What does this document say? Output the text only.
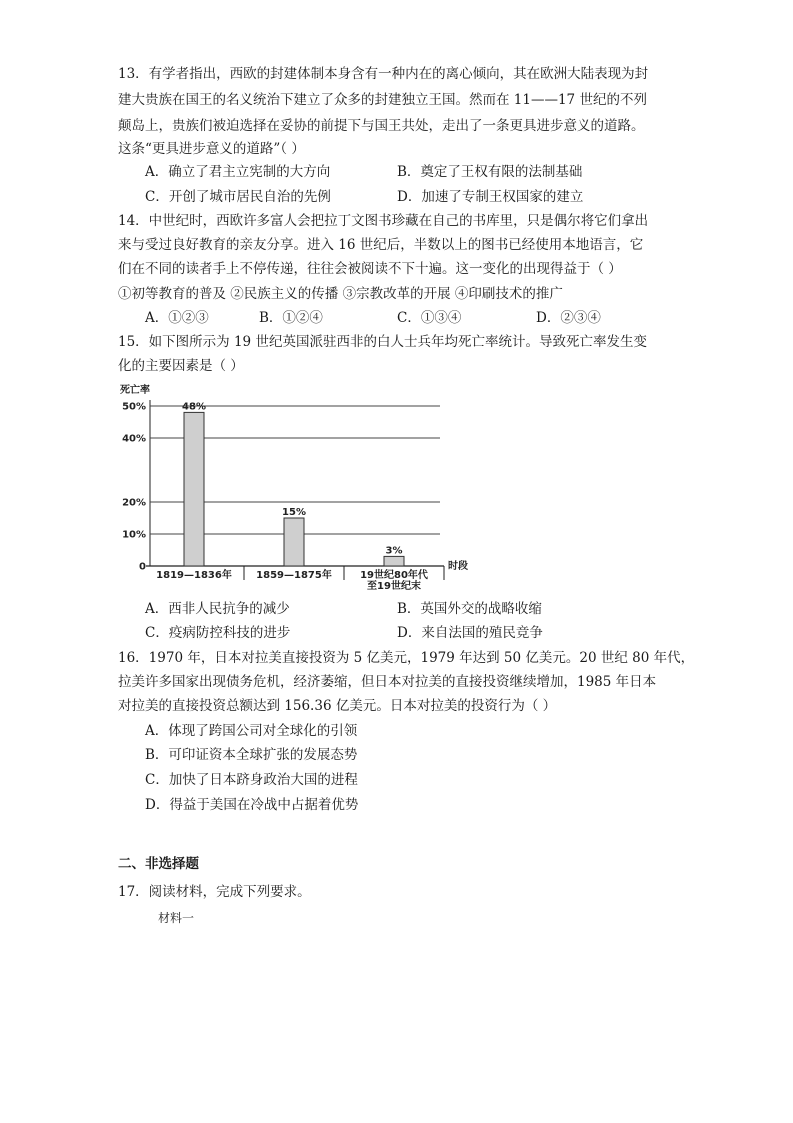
13．有学者指出，西欧的封建体制本身含有一种内在的离心倾向，其在欧洲大陆表现为封
建大贵族在国王的名义统治下建立了众多的封建独立王国。然而在 11——17 世纪的不列
颠岛上，贵族们被迫选择在妥协的前提下与国王共处，走出了一条更具进步意义的道路。
这条“更具进步意义的道路”（ ）
A．确立了君主立宪制的大方向	B．奠定了王权有限的法制基础
C．开创了城市居民自治的先例	D．加速了专制王权国家的建立
14．中世纪时，西欧许多富人会把拉丁文图书珍藏在自己的书库里，只是偶尔将它们拿出
来与受过良好教育的亲友分享。进入 16 世纪后，半数以上的图书已经使用本地语言，它
们在不同的读者手上不停传递，往往会被阅读不下十遍。这一变化的出现得益于（ ）
①初等教育的普及 ②民族主义的传播 ③宗教改革的开展 ④印刷技术的推广
A．①②③	B．①②④	C．①③④	D．②③④
15．如下图所示为 19 世纪英国派驻西非的白人士兵年均死亡率统计。导致死亡率发生变
化的主要因素是（ ）
死亡率
时段
48%
15%
3%
0
10%
20%
40%
50%
1819—1836年 1859—1875年	19世纪80年代
至19世纪末
A．西非人民抗争的减少	B．英国外交的战略收缩
C．疫病防控科技的进步	D．来自法国的殖民竞争
16．1970 年，日本对拉美直接投资为 5 亿美元，1979 年达到 50 亿美元。20 世纪 80 年代，
拉美许多国家出现债务危机，经济萎缩，但日本对拉美的直接投资继续增加，1985 年日本
对拉美的直接投资总额达到 156.36 亿美元。日本对拉美的投资行为（ ）
A．体现了跨国公司对全球化的引领
B．可印证资本全球扩张的发展态势
C．加快了日本跻身政治大国的进程
D．得益于美国在冷战中占据着优势
二、非选择题
17．阅读材料，完成下列要求。
材料一
